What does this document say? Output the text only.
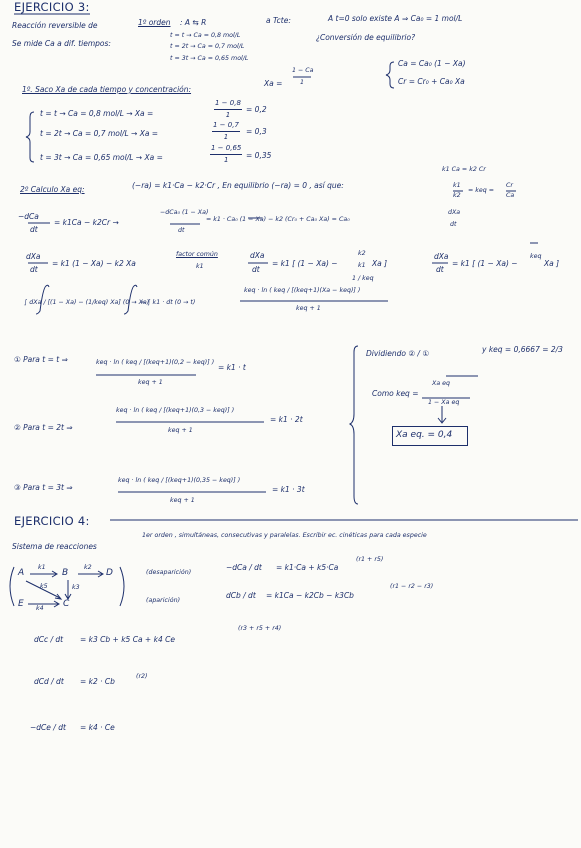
EJERCICIO 3:
Reacción reversible de	1º orden : A ⇆ R	a Tcte:	A t=0 solo existe A ⇒ Ca₀ = 1 mol/L
¿Conversión de equilibrio?
Se mide Ca a dif. tiempos:
t = t → Ca = 0,8 mol/L
t = 2t → Ca = 0,7 mol/L
t = 3t → Ca = 0,65 mol/L
Ca = Ca₀ (1 − Xa)
Cr = Cr₀ + Ca₀ Xa
1º. Saco Xa de cada tiempo y concentración:
Xa =
1 − Ca
1
t = t → Ca = 0,8 mol/L → Xa =
1 − 0,8
1
= 0,2
t = 2t → Ca = 0,7 mol/L → Xa =
1 − 0,7
1
= 0,3
t = 3t → Ca = 0,65 mol/L → Xa =
1 − 0,65
1 = 0,35
2º Calculo Xa eq:	(−ra) = k1·Ca − k2·Cr , En equilibrio (−ra) = 0 , así que:
k1 Ca = k2 Cr
k1
k2
= keq =
Cr
Ca
−dCa
dt
= k1Ca − k2Cr →
−dCa₀ (1 − Xa)
dt
= k1 · Ca₀ (1 − Xa) − k2 (Cr₀ + Ca₀ Xa) = Ca₀
dXa
dt
dXa
dt
= k1 (1 − Xa) − k2 Xa
factor común
k1
dXa
dt
= k1 [ (1 − Xa) −
k2
k1 Xa ]
1 / keq
dXa
dt
= k1 [ (1 − Xa) −
keq
Xa ]
∫ dXa / [(1 − Xa) − (1/keq) Xa] (0 → Xa)
= ∫ k1 · dt (0 → t)
keq · ln ( keq / [(keq+1)(Xa − keq)] )
keq + 1
① Para t = t ⇒	keq · ln ( keq / [(keq+1)(0,2 − keq)] )
keq + 1
= k1 · t
② Para t = 2t ⇒
keq · ln ( keq / [(keq+1)(0,3 − keq)] )
keq + 1
= k1 · 2t
③ Para t = 3t ⇒
keq · ln ( keq / [(keq+1)(0,35 − keq)] )
keq + 1
= k1 · 3t
Dividiendo ② / ①	y keq = 0,6667 = 2/3
Como keq =
Xa eq
1 − Xa eq
Xa eq. = 0,4
EJERCICIO 4:
1er orden , simultáneas, consecutivas y paralelas. Escribir ec. cinéticas para cada especie
Sistema de reacciones
A	B	D
C
E
k1	k2
k3
k4
k5
(desaparición)
(aparición)
−dCa / dt = k1·Ca + k5·Ca
(r1 + r5)
dCb / dt = k1Ca − k2Cb − k3Cb
(r1 − r2 − r3)
dCc / dt = k3 Cb + k5 Ca + k4 Ce
(r3 + r5 + r4)
dCd / dt = k2 · Cb
(r2)
−dCe / dt = k4 · Ce
